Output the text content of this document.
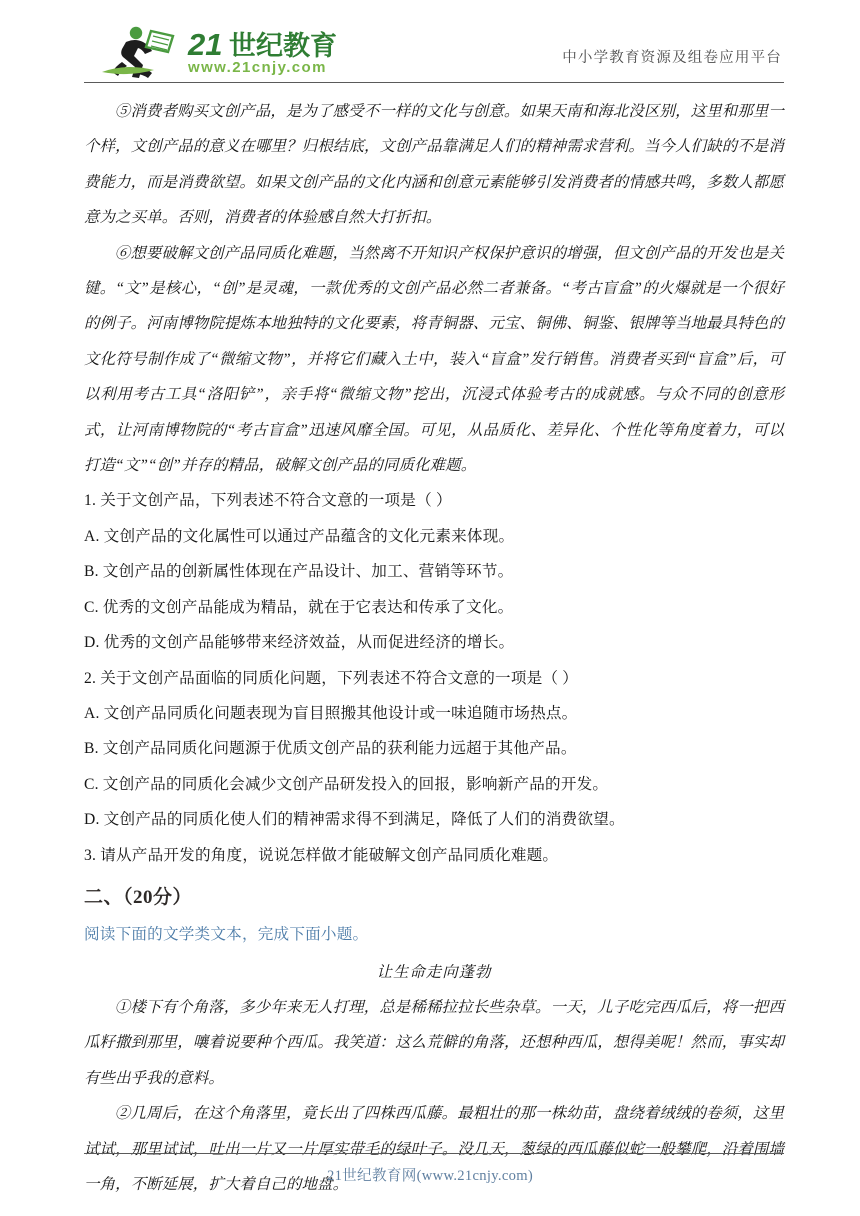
21 世纪教育
www.21cnjy.com
中小学教育资源及组卷应用平台

⑤消费者购买文创产品，是为了感受不一样的文化与创意。如果天南和海北没区别，这里和那里一个样，文创产品的意义在哪里？归根结底，文创产品靠满足人们的精神需求营利。当今人们缺的不是消费能力，而是消费欲望。如果文创产品的文化内涵和创意元素能够引发消费者的情感共鸣，多数人都愿意为之买单。否则，消费者的体验感自然大打折扣。

⑥想要破解文创产品同质化难题，当然离不开知识产权保护意识的增强，但文创产品的开发也是关键。“文”是核心，“创”是灵魂，一款优秀的文创产品必然二者兼备。“考古盲盒”的火爆就是一个很好的例子。河南博物院提炼本地独特的文化要素，将青铜器、元宝、铜佛、铜鉴、银牌等当地最具特色的文化符号制作成了“微缩文物”，并将它们藏入土中，装入“盲盒”发行销售。消费者买到“盲盒”后，可以利用考古工具“洛阳铲”，亲手将“微缩文物”挖出，沉浸式体验考古的成就感。与众不同的创意形式，让河南博物院的“考古盲盒”迅速风靡全国。可见，从品质化、差异化、个性化等角度着力，可以打造“文”“创”并存的精品，破解文创产品的同质化难题。

1. 关于文创产品，下列表述不符合文意的一项是（ ）

A. 文创产品的文化属性可以通过产品蕴含的文化元素来体现。

B. 文创产品的创新属性体现在产品设计、加工、营销等环节。

C. 优秀的文创产品能成为精品，就在于它表达和传承了文化。

D. 优秀的文创产品能够带来经济效益，从而促进经济的增长。

2. 关于文创产品面临的同质化问题，下列表述不符合文意的一项是（ ）

A. 文创产品同质化问题表现为盲目照搬其他设计或一味追随市场热点。

B. 文创产品同质化问题源于优质文创产品的获利能力远超于其他产品。

C. 文创产品的同质化会减少文创产品研发投入的回报，影响新产品的开发。

D. 文创产品的同质化使人们的精神需求得不到满足，降低了人们的消费欲望。

3. 请从产品开发的角度，说说怎样做才能破解文创产品同质化难题。

二、（20分）

阅读下面的文学类文本，完成下面小题。

让生命走向蓬勃

①楼下有个角落，多少年来无人打理，总是稀稀拉拉长些杂草。一天，儿子吃完西瓜后，将一把西瓜籽撒到那里，嚷着说要种个西瓜。我笑道：这么荒僻的角落，还想种西瓜，想得美呢！然而，事实却有些出乎我的意料。

②几周后，在这个角落里，竟长出了四株西瓜藤。最粗壮的那一株幼苗，盘绕着绒绒的卷须，这里试试，那里试试，吐出一片又一片厚实带毛的绿叶子。没几天，葱绿的西瓜藤似蛇一般攀爬，沿着围墙一角，不断延展，扩大着自己的地盘。

21世纪教育网(www.21cnjy.com)
